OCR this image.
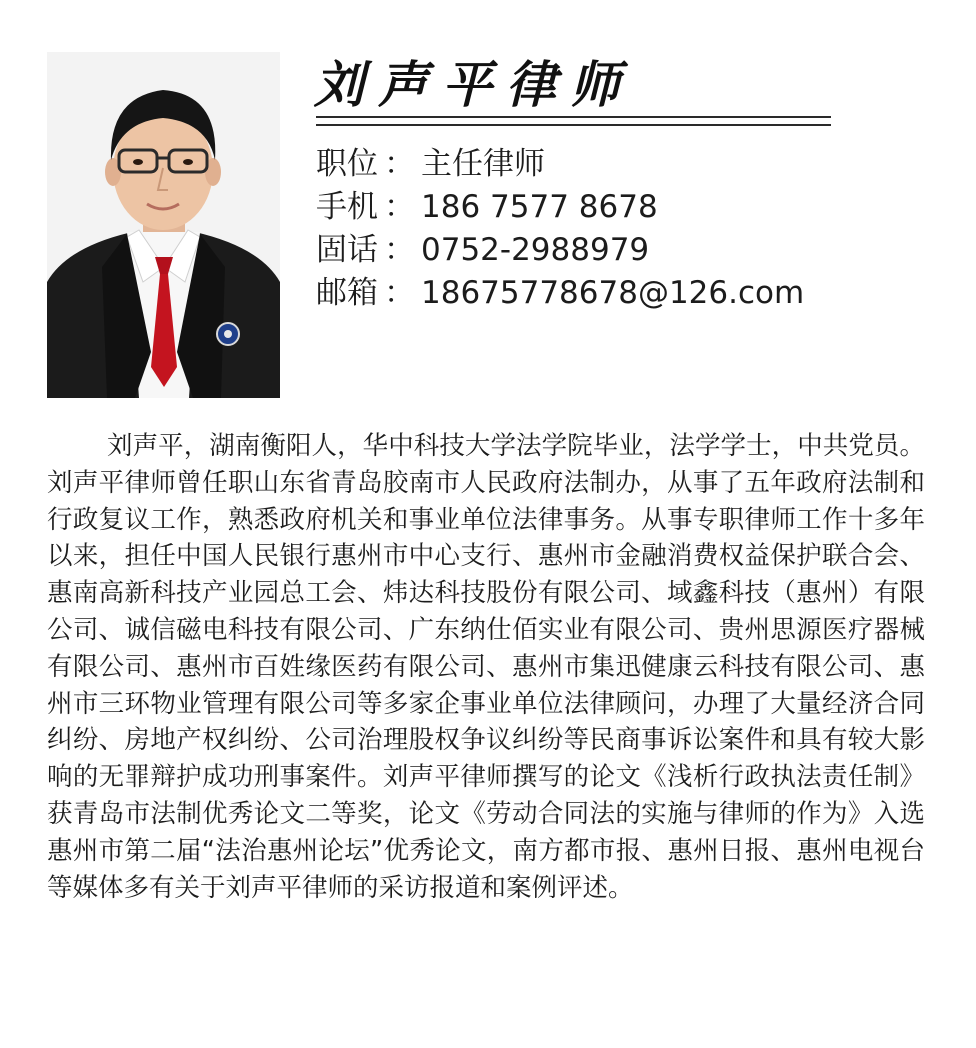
刘声平律师
职位 ： 主任律师
手机 ： 186 7577 8678
固话 ： 0752-2988979
邮箱 ： 18675778678@126.com

刘声平，湖南衡阳人，华中科技大学法学院毕业，法学学士，中共党员。刘声平律师曾任职山东省青岛胶南市人民政府法制办，从事了五年政府法制和行政复议工作，熟悉政府机关和事业单位法律事务。从事专职律师工作十多年以来，担任中国人民银行惠州市中心支行、惠州市金融消费权益保护联合会、惠南高新科技产业园总工会、炜达科技股份有限公司、域鑫科技（惠州）有限公司、诚信磁电科技有限公司、广东纳仕佰实业有限公司、贵州思源医疗器械有限公司、惠州市百姓缘医药有限公司、惠州市集迅健康云科技有限公司、惠州市三环物业管理有限公司等多家企事业单位法律顾问，办理了大量经济合同纠纷、房地产权纠纷、公司治理股权争议纠纷等民商事诉讼案件和具有较大影响的无罪辩护成功刑事案件。刘声平律师撰写的论文《浅析行政执法责任制》获青岛市法制优秀论文二等奖，论文《劳动合同法的实施与律师的作为》入选惠州市第二届“法治惠州论坛”优秀论文，南方都市报、惠州日报、惠州电视台等媒体多有关于刘声平律师的采访报道和案例评述。
